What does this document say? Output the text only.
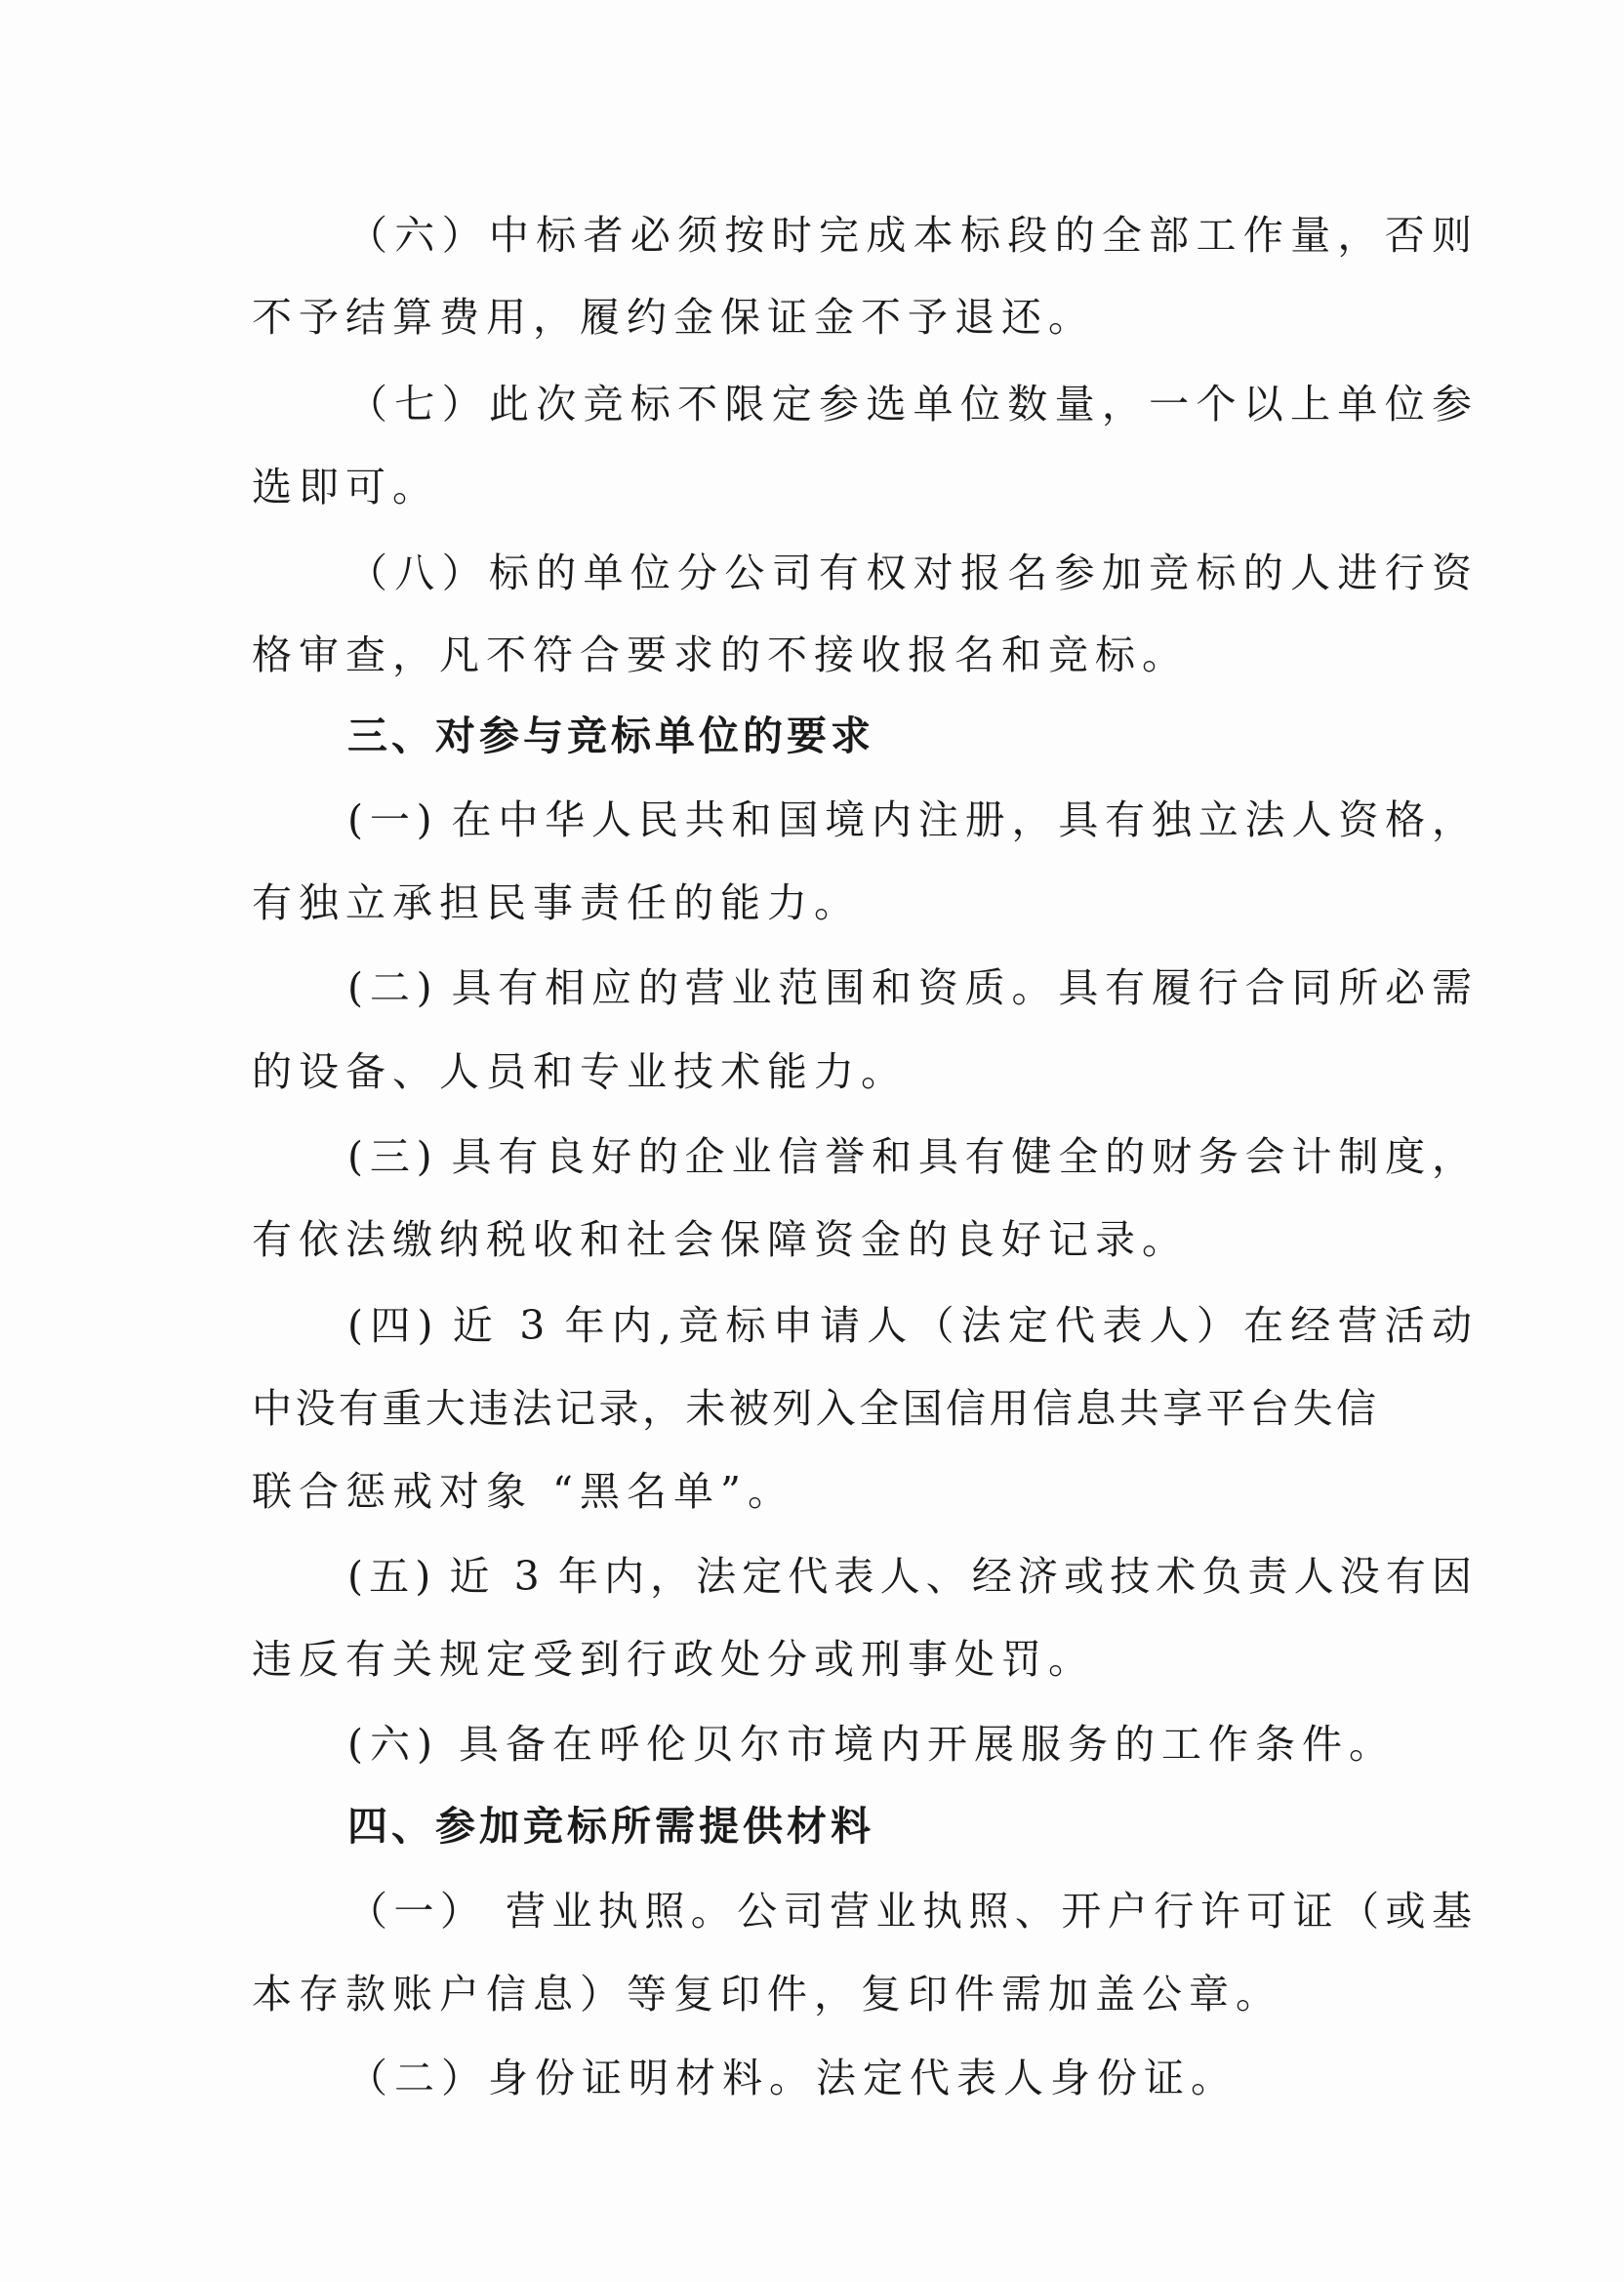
（六）中标者必须按时完成本标段的全部工作量，否则
不予结算费用，履约金保证金不予退还。
（七）此次竞标不限定参选单位数量，一个以上单位参
选即可。
（八）标的单位分公司有权对报名参加竞标的人进行资
格审查，凡不符合要求的不接收报名和竞标。
三、对参与竞标单位的要求
(一) 在中华人民共和国境内注册，具有独立法人资格，
有独立承担民事责任的能力。
(二) 具有相应的营业范围和资质。具有履行合同所必需
的设备、人员和专业技术能力。
(三) 具有良好的企业信誉和具有健全的财务会计制度，
有依法缴纳税收和社会保障资金的良好记录。
(四) 近 3 年内,竞标申请人（法定代表人）在经营活动
中没有重大违法记录，未被列入全国信用信息共享平台失信
联合惩戒对象 “黑名单”。
(五) 近 3 年内，法定代表人、经济或技术负责人没有因
违反有关规定受到行政处分或刑事处罚。
(六) 具备在呼伦贝尔市境内开展服务的工作条件。
四、参加竞标所需提供材料
（一） 营业执照。公司营业执照、开户行许可证（或基
本存款账户信息）等复印件，复印件需加盖公章。
（二）身份证明材料。法定代表人身份证。
